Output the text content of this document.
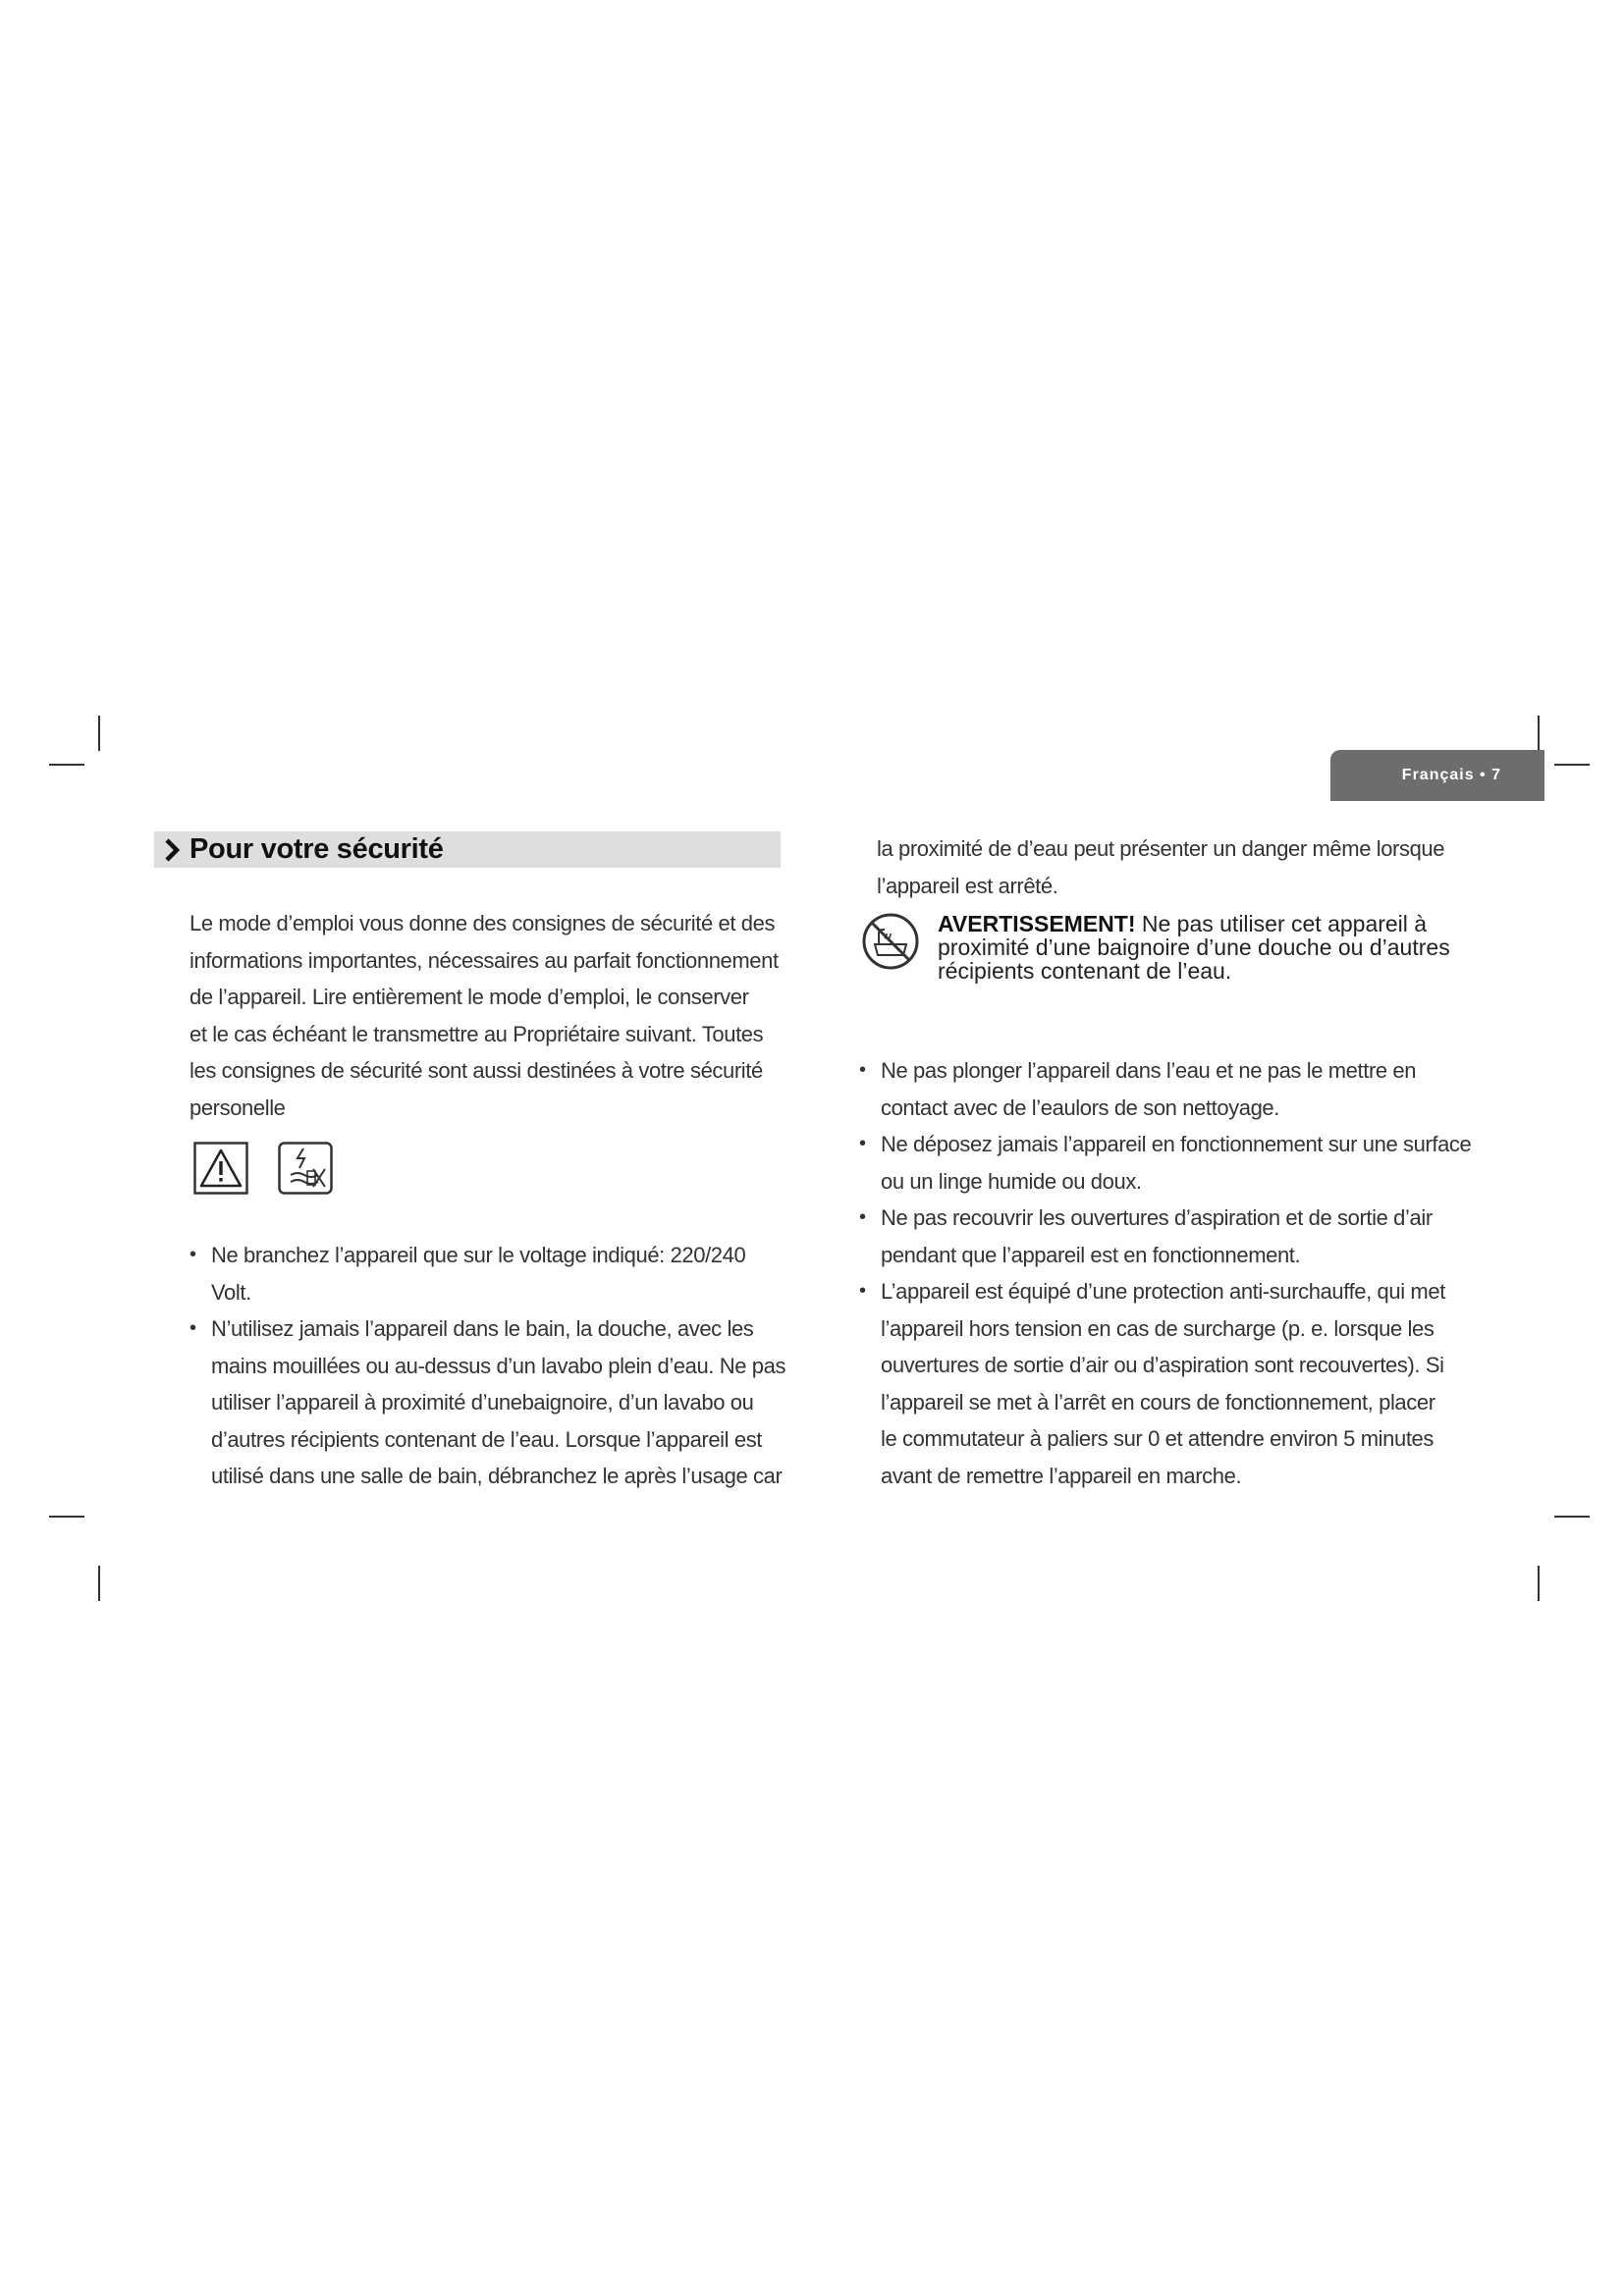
Français • 7
Pour votre sécurité

Le mode d’emploi vous donne des consignes de sécurité et des

informations importantes, nécessaires au parfait fonctionnement

de l’appareil. Lire entièrement le mode d’emploi, le conserver

et le cas échéant le transmettre au Propriétaire suivant. Toutes

les consignes de sécurité sont aussi destinées à votre sécurité

personelle

• Ne branchez l’appareil que sur le voltage indiqué: 220/240
Volt.
• N’utilisez jamais l’appareil dans le bain, la douche, avec les
mains mouillées ou au-dessus d’un lavabo plein d’eau. Ne pas
utiliser l’appareil à proximité d’unebaignoire, d’un lavabo ou
d’autres récipients contenant de l’eau. Lorsque l’appareil est
utilisé dans une salle de bain, débranchez le après l’usage car

la proximité de d’eau peut présenter un danger même lorsque

l’appareil est arrêté.

AVERTISSEMENT! Ne pas utiliser cet appareil à
proximité d’une baignoire d’une douche ou d’autres
récipients contenant de l’eau.
• Ne pas plonger l’appareil dans l’eau et ne pas le mettre en
contact avec de l’eaulors de son nettoyage.
• Ne déposez jamais l’appareil en fonctionnement sur une surface
ou un linge humide ou doux.
• Ne pas recouvrir les ouvertures d’aspiration et de sortie d’air
pendant que l’appareil est en fonctionnement.
• L’appareil est équipé d’une protection anti-surchauffe, qui met
l’appareil hors tension en cas de surcharge (p. e. lorsque les
ouvertures de sortie d’air ou d’aspiration sont recouvertes). Si
l’appareil se met à l’arrêt en cours de fonctionnement, placer
le commutateur à paliers sur 0 et attendre environ 5 minutes
avant de remettre l’appareil en marche.
